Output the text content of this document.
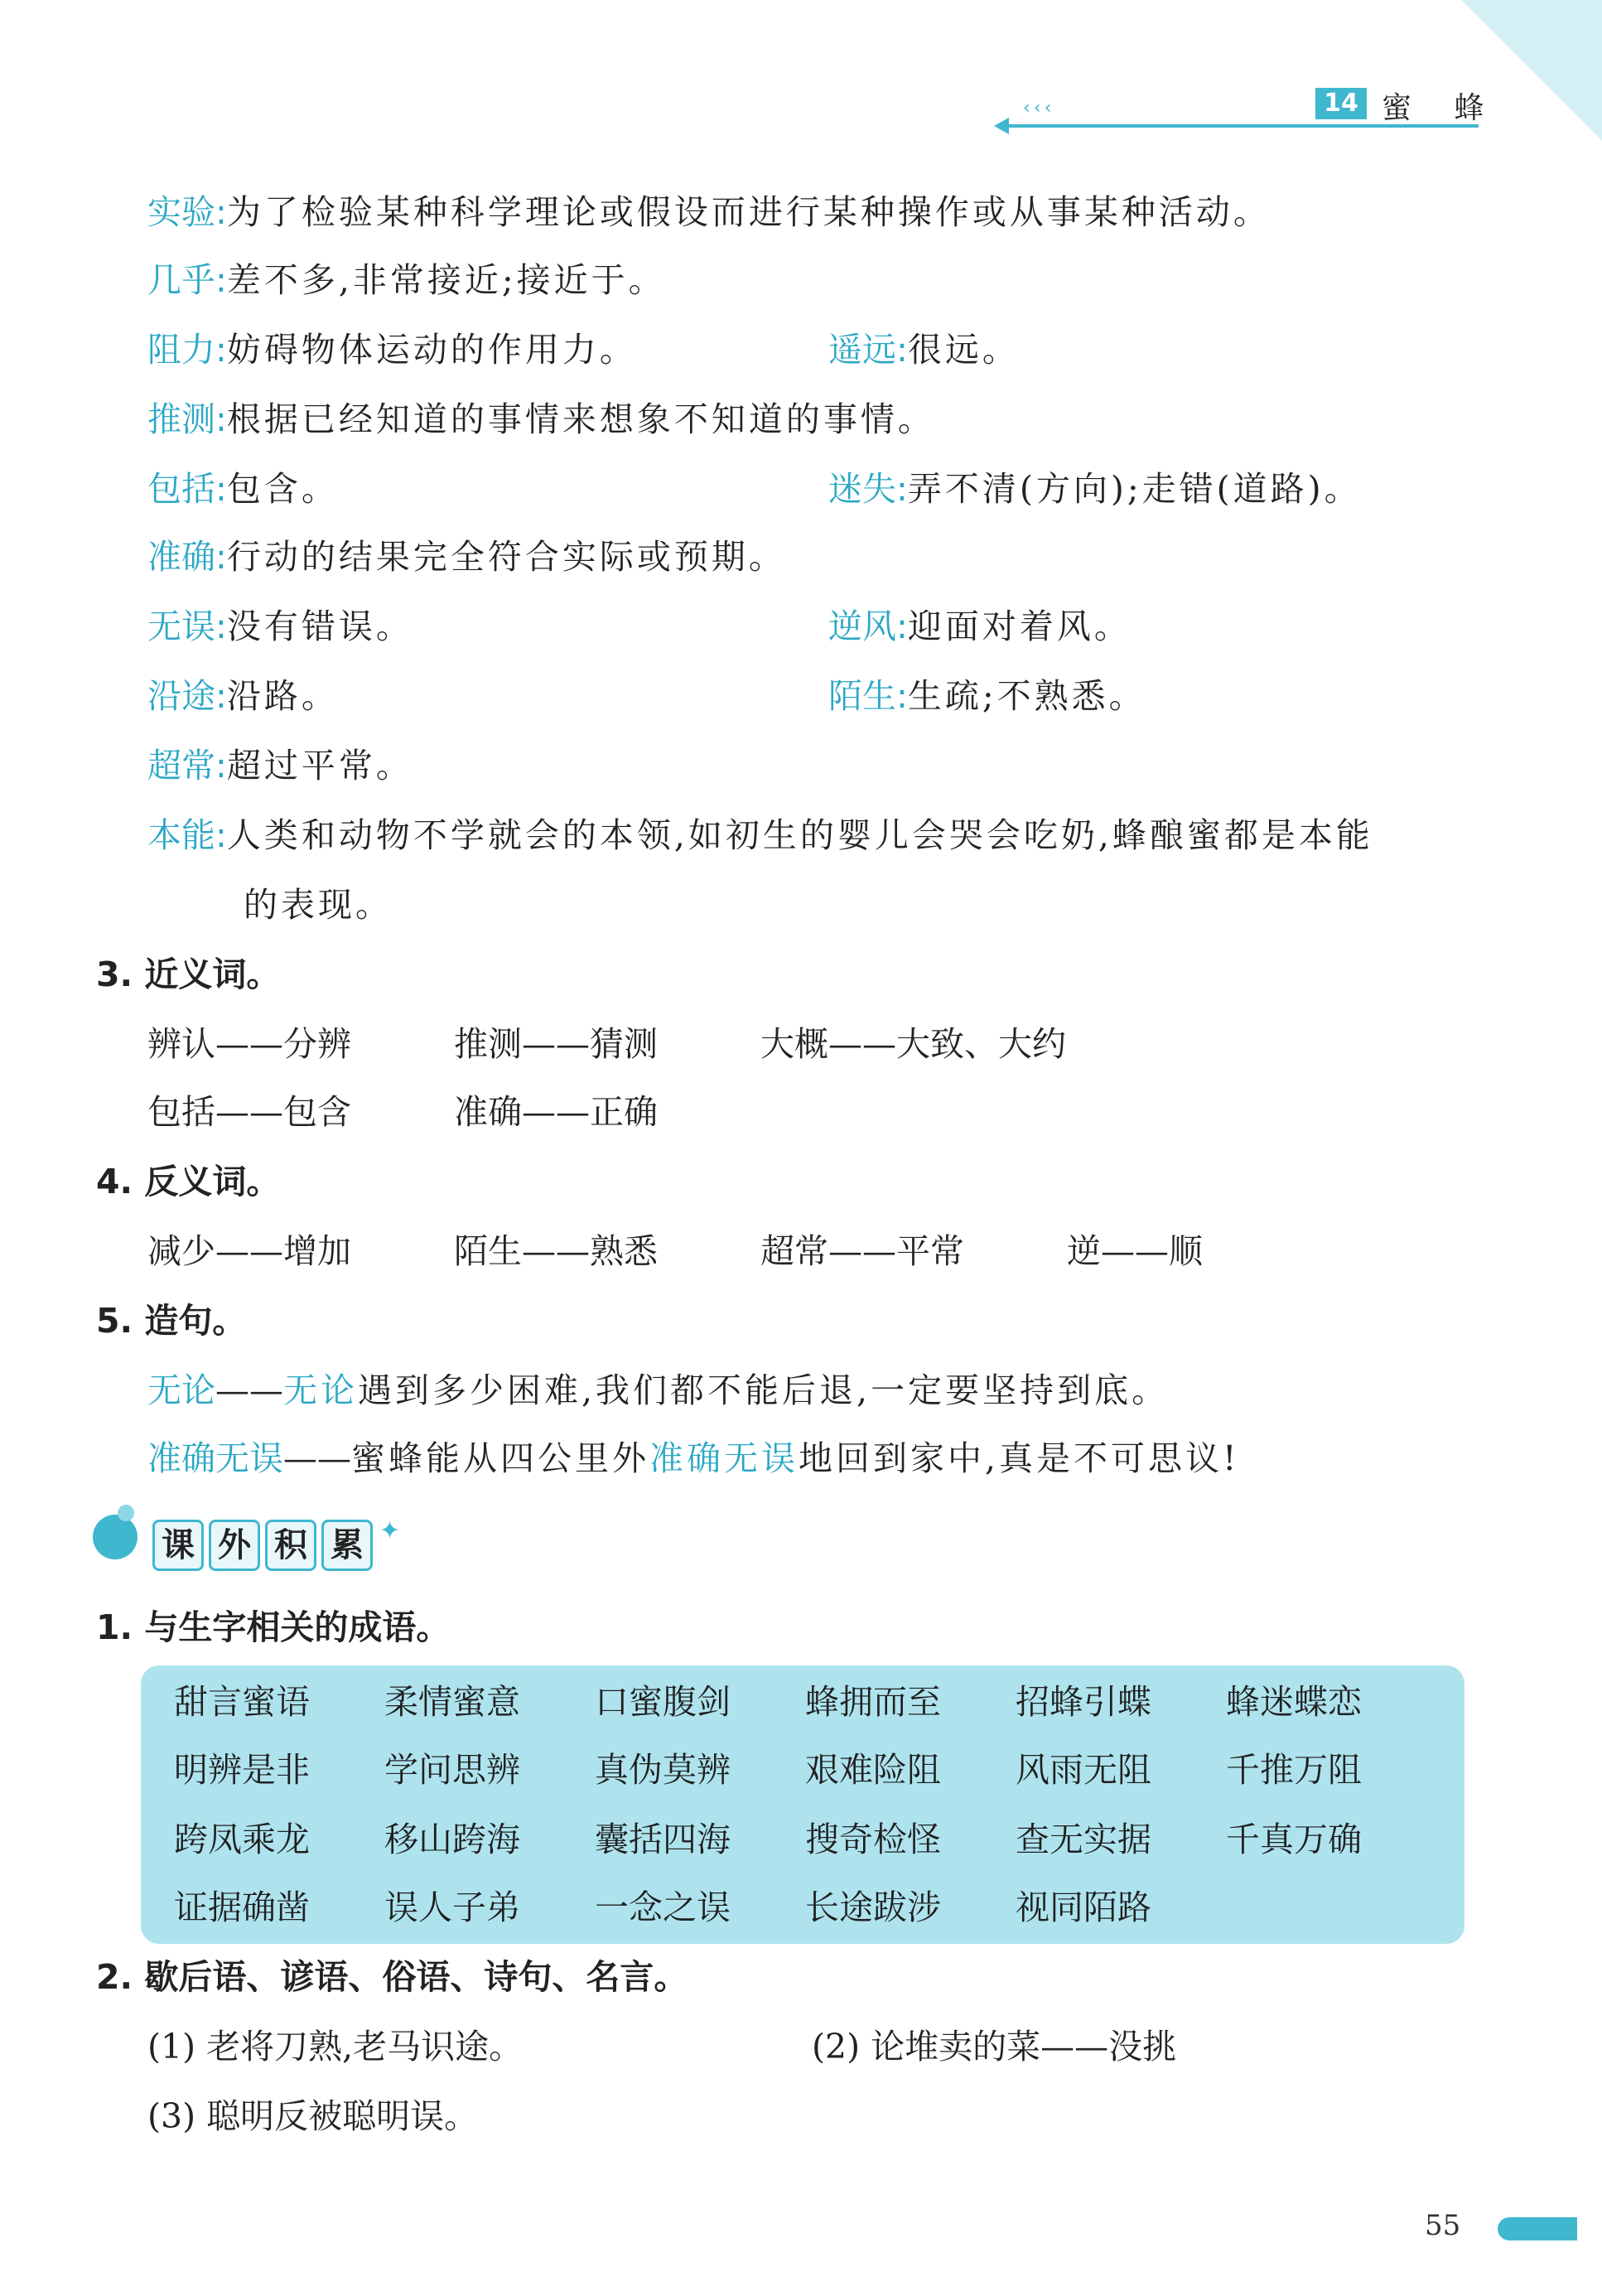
‹‹‹	14 蜜 蜂
实验:为了检验某种科学理论或假设而进行某种操作或从事某种活动。
几乎:差不多,非常接近;接近于。
阻力:妨碍物体运动的作用力。	遥远:很远。
推测:根据已经知道的事情来想象不知道的事情。
包括:包含。	迷失:弄不清(方向);走错(道路)。
准确:行动的结果完全符合实际或预期。
无误:没有错误。	逆风:迎面对着风。
沿途:沿路。	陌生:生疏;不熟悉。
超常:超过平常。
本能:人类和动物不学就会的本领,如初生的婴儿会哭会吃奶,蜂酿蜜都是本能
的表现。
3. 近义词。
辨认——分辨	推测——猜测	大概——大致、大约
包括——包含	准确——正确
4. 反义词。
减少——增加	陌生——熟悉	超常——平常	逆——顺
5. 造句。
无论——无论遇到多少困难,我们都不能后退,一定要坚持到底。
准确无误——蜜蜂能从四公里外准确无误地回到家中,真是不可思议!
课 外 积 累 ✦
1. 与生字相关的成语。
甜言蜜语 柔情蜜意 口蜜腹剑 蜂拥而至 招蜂引蝶 蜂迷蝶恋
明辨是非 学问思辨 真伪莫辨 艰难险阻 风雨无阻 千推万阻
跨凤乘龙 移山跨海 囊括四海 搜奇检怪 查无实据 千真万确
证据确凿 误人子弟 一念之误 长途跋涉 视同陌路
2. 歇后语、谚语、俗语、诗句、名言。
(1) 老将刀熟,老马识途。	(2) 论堆卖的菜——没挑
(3) 聪明反被聪明误。
55
